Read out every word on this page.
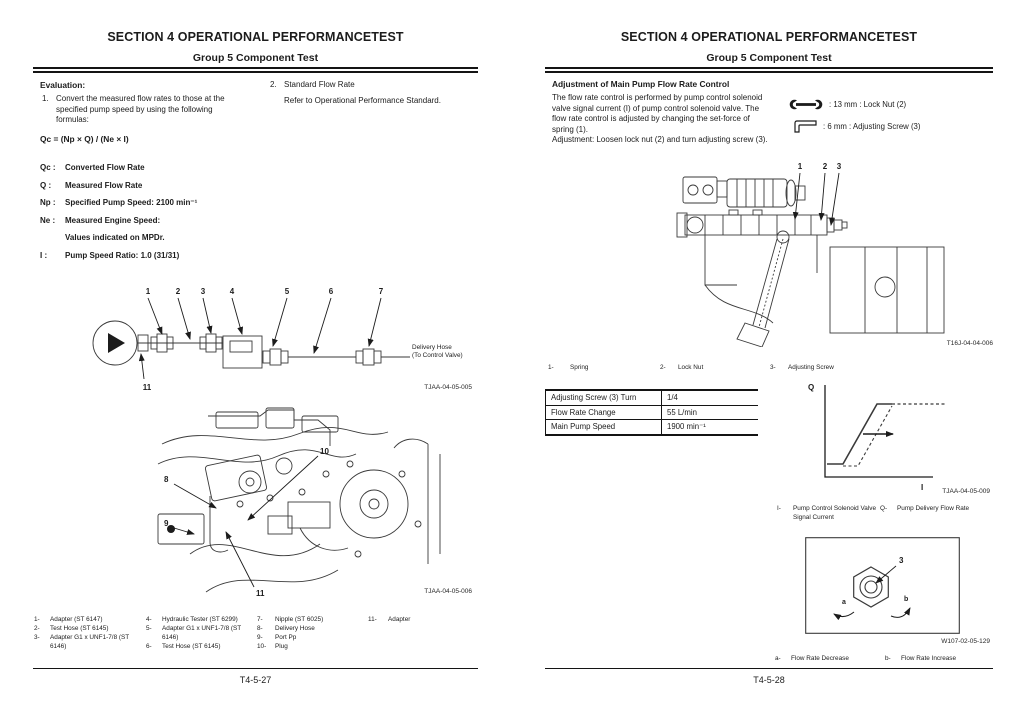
SECTION 4 OPERATIONAL PERFORMANCETEST
Group 5 Component Test
Evaluation:
1. Convert the measured flow rates to those at the specified pump speed by using the following formulas:
2. Standard Flow Rate
Refer to Operational Performance Standard.
Qc = (Np × Q) / (Ne × I)
Qc :	Converted Flow Rate
Q :	Measured Flow Rate
Np :	Specified Pump Speed: 2100 min⁻¹
Ne :	Measured Engine Speed:
Values indicated on MPDr.
I :	Pump Speed Ratio: 1.0 (31/31)
1	2	3	4	5	6	7
11
Delivery Hose
(To Control Valve)
TJAA-04-05-005
8
9
10
11	TJAA-04-05-006
1-	Adapter (ST 6147)
2-	Test Hose (ST 6145)
3-	Adapter G1 x UNF1-7/8 (ST 6146)
4-	Hydraulic Tester (ST 6299)
5-	Adapter G1 x UNF1-7/8 (ST 6146)
6-	Test Hose (ST 6145)
7-	Nipple (ST 6025)
8-	Delivery Hose
9-	Port Pp
10-	Plug
11-	Adapter
T4-5-27
SECTION 4 OPERATIONAL PERFORMANCETEST
Group 5 Component Test
Adjustment of Main Pump Flow Rate Control
The flow rate control is performed by pump control solenoid valve signal current (I) of pump control solenoid valve. The flow rate control is adjusted by changing the set-force of spring (1).
Adjustment: Loosen lock nut (2) and turn adjusting screw (3).
: 13 mm : Lock Nut (2)
: 6 mm : Adjusting Screw (3)
1	2 3
T16J-04-04-006
1-	Spring	2-	Lock Nut	3-	Adjusting Screw
Adjusting Screw (3) Turn	1/4
Flow Rate Change	55 L/min
Main Pump Speed	1900 min⁻¹
Q
I	TJAA-04-05-009
I-	Pump Control Solenoid Valve Signal Current
Q-	Pump Delivery Flow Rate
3
a	b
W107-02-05-129
a-	Flow Rate Decrease	b-	Flow Rate Increase
T4-5-28
